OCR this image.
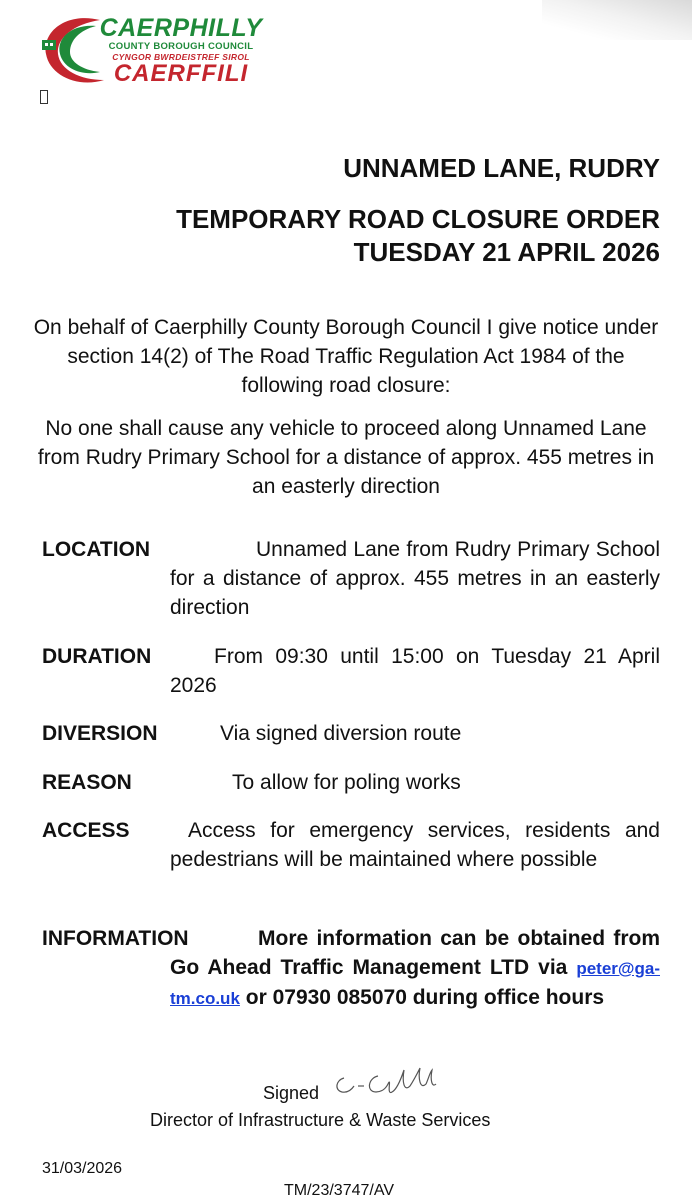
CAERPHILLY
COUNTY BOROUGH COUNCIL
CYNGOR BWRDEISTREF SIROL
CAERFFILI
UNNAMED LANE, RUDRY
TEMPORARY ROAD CLOSURE ORDER
TUESDAY 21 APRIL 2026

On behalf of Caerphilly County Borough Council I give notice under section 14(2) of The Road Traffic Regulation Act 1984 of the following road closure:

No one shall cause any vehicle to proceed along Unnamed Lane from Rudry Primary School for a distance of approx. 455 metres in an easterly direction

LOCATION	Unnamed Lane from Rudry Primary School for a distance of approx. 455 metres in an easterly direction
DURATION	From 09:30 until 15:00 on Tuesday 21 April 2026
DIVERSION	Via signed diversion route
REASON	To allow for poling works
ACCESS	Access for emergency services, residents and pedestrians will be maintained where possible
INFORMATION	More information can be obtained from Go Ahead Traffic Management LTD via peter@ga-tm.co.uk or 07930 085070 during office hours
Signed
Director of Infrastructure & Waste Services
31/03/2026
TM/23/3747/AV
